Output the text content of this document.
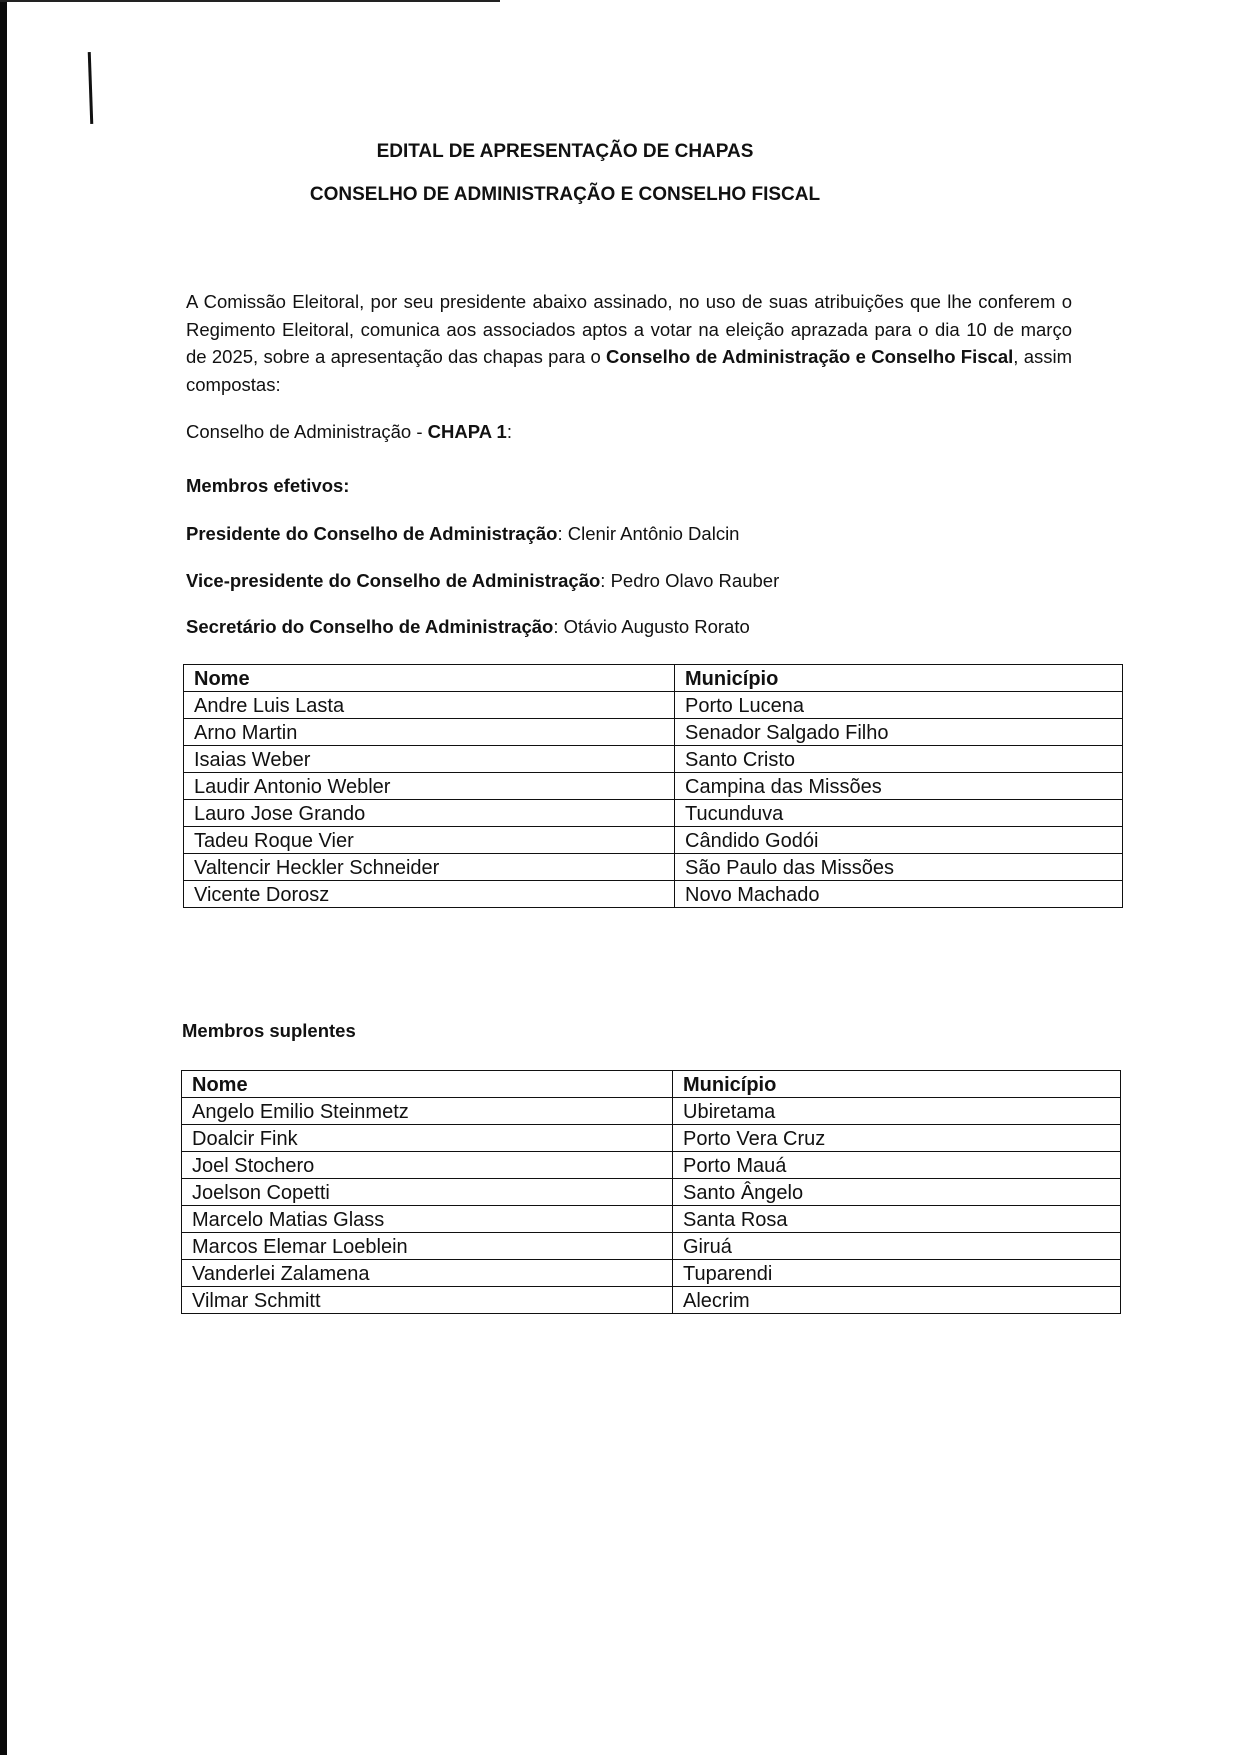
EDITAL DE APRESENTAÇÃO DE CHAPAS
CONSELHO DE ADMINISTRAÇÃO E CONSELHO FISCAL
A Comissão Eleitoral, por seu presidente abaixo assinado, no uso de suas atribuições que lhe conferem o Regimento Eleitoral, comunica aos associados aptos a votar na eleição aprazada para o dia 10 de março de 2025, sobre a apresentação das chapas para o Conselho de Administração e Conselho Fiscal, assim compostas:
Conselho de Administração - CHAPA 1:
Membros efetivos:
Presidente do Conselho de Administração: Clenir Antônio Dalcin
Vice-presidente do Conselho de Administração: Pedro Olavo Rauber
Secretário do Conselho de Administração: Otávio Augusto Rorato
Nome	Município
Andre Luis Lasta	Porto Lucena
Arno Martin	Senador Salgado Filho
Isaias Weber	Santo Cristo
Laudir Antonio Webler	Campina das Missões
Lauro Jose Grando	Tucunduva
Tadeu Roque Vier	Cândido Godói
Valtencir Heckler Schneider	São Paulo das Missões
Vicente Dorosz	Novo Machado
Membros suplentes
Nome	Município
Angelo Emilio Steinmetz	Ubiretama
Doalcir Fink	Porto Vera Cruz
Joel Stochero	Porto Mauá
Joelson Copetti	Santo Ângelo
Marcelo Matias Glass	Santa Rosa
Marcos Elemar Loeblein	Giruá
Vanderlei Zalamena	Tuparendi
Vilmar Schmitt	Alecrim
